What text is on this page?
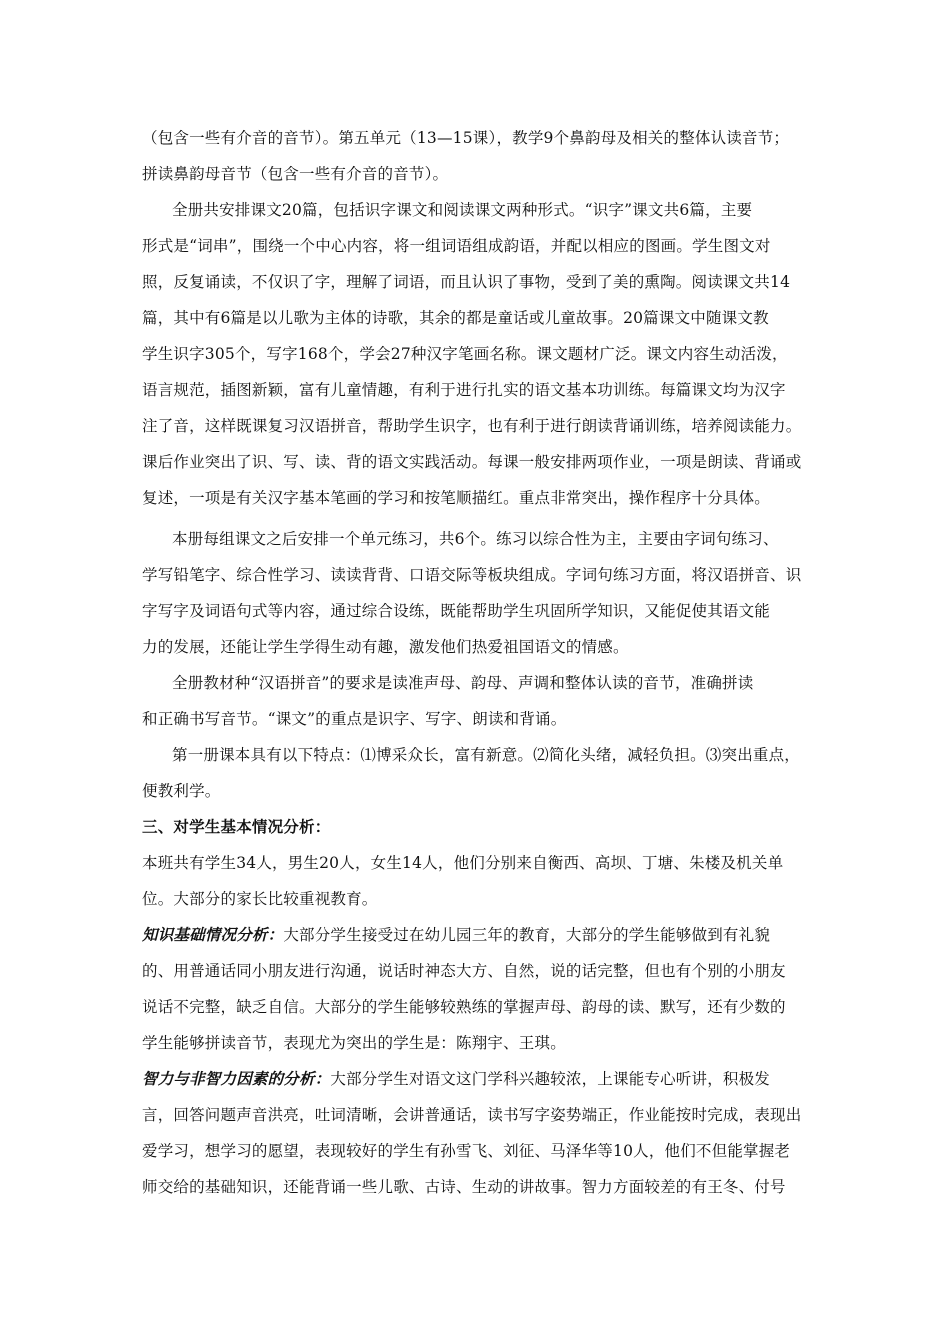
（包含一些有介音的音节）。第五单元（13—15课），教学9个鼻韵母及相关的整体认读音节；
拼读鼻韵母音节（包含一些有介音的音节）。
全册共安排课文20篇，包括识字课文和阅读课文两种形式。“识字”课文共6篇，主要
形式是“词串”，围绕一个中心内容，将一组词语组成韵语，并配以相应的图画。学生图文对
照，反复诵读，不仅识了字，理解了词语，而且认识了事物，受到了美的熏陶。阅读课文共14
篇，其中有6篇是以儿歌为主体的诗歌，其余的都是童话或儿童故事。20篇课文中随课文教
学生识字305个，写字168个，学会27种汉字笔画名称。课文题材广泛。课文内容生动活泼，
语言规范，插图新颖，富有儿童情趣，有利于进行扎实的语文基本功训练。每篇课文均为汉字
注了音，这样既课复习汉语拼音，帮助学生识字，也有利于进行朗读背诵训练，培养阅读能力。
课后作业突出了识、写、读、背的语文实践活动。每课一般安排两项作业，一项是朗读、背诵或
复述，一项是有关汉字基本笔画的学习和按笔顺描红。重点非常突出，操作程序十分具体。
本册每组课文之后安排一个单元练习，共6个。练习以综合性为主，主要由字词句练习、
学写铅笔字、综合性学习、读读背背、口语交际等板块组成。字词句练习方面，将汉语拼音、识
字写字及词语句式等内容，通过综合设练，既能帮助学生巩固所学知识，又能促使其语文能
力的发展，还能让学生学得生动有趣，激发他们热爱祖国语文的情感。
全册教材种“汉语拼音”的要求是读准声母、韵母、声调和整体认读的音节，准确拼读
和正确书写音节。“课文”的重点是识字、写字、朗读和背诵。
第一册课本具有以下特点：⑴博采众长，富有新意。⑵简化头绪，减轻负担。⑶突出重点，
便教利学。
三、对学生基本情况分析：
本班共有学生34人，男生20人，女生14人，他们分别来自衡西、高坝、丁塘、朱楼及机关单
位。大部分的家长比较重视教育。
知识基础情况分析：大部分学生接受过在幼儿园三年的教育，大部分的学生能够做到有礼貌
的、用普通话同小朋友进行沟通，说话时神态大方、自然，说的话完整，但也有个别的小朋友
说话不完整，缺乏自信。大部分的学生能够较熟练的掌握声母、韵母的读、默写，还有少数的
学生能够拼读音节，表现尤为突出的学生是：陈翔宇、王琪。
智力与非智力因素的分析：大部分学生对语文这门学科兴趣较浓，上课能专心听讲，积极发
言，回答问题声音洪亮，吐词清晰，会讲普通话，读书写字姿势端正，作业能按时完成，表现出
爱学习，想学习的愿望，表现较好的学生有孙雪飞、刘征、马泽华等10人，他们不但能掌握老
师交给的基础知识，还能背诵一些儿歌、古诗、生动的讲故事。智力方面较差的有王冬、付号
